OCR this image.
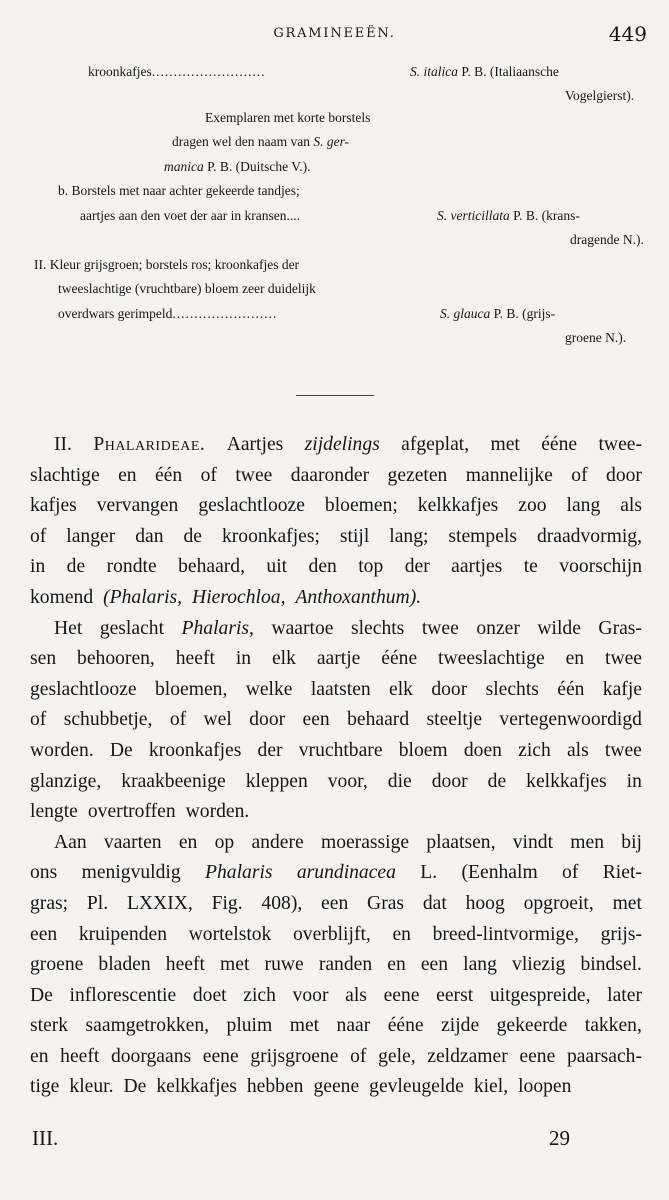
GRAMINEEËN.	449
kroonkafjes..........................	S. italica P. B. (Italiaansche
Vogelgierst).
Exemplaren met korte borstels
dragen wel den naam van S. ger-
manica P. B. (Duitsche V.).
b. Borstels met naar achter gekeerde tandjes;
aartjes aan den voet der aar in kransen....	S. verticillata P. B. (krans-
dragende N.).
II. Kleur grijsgroen; borstels ros; kroonkafjes der
tweeslachtige (vruchtbare) bloem zeer duidelijk
overdwars gerimpeld........................	S. glauca P. B. (grijs-
groene N.).
II. Phalarideae. Aartjes zijdelings afgeplat, met ééne twee-
slachtige en één of twee daaronder gezeten mannelijke of door
kafjes vervangen geslachtlooze bloemen; kelkkafjes zoo lang als
of langer dan de kroonkafjes; stijl lang; stempels draadvormig,
in de rondte behaard, uit den top der aartjes te voorschijn
komend (Phalaris, Hierochloa, Anthoxanthum).
Het geslacht Phalaris, waartoe slechts twee onzer wilde Gras-
sen behooren, heeft in elk aartje ééne tweeslachtige en twee
geslachtlooze bloemen, welke laatsten elk door slechts één kafje
of schubbetje, of wel door een behaard steeltje vertegenwoordigd
worden. De kroonkafjes der vruchtbare bloem doen zich als twee
glanzige, kraakbeenige kleppen voor, die door de kelkkafjes in
lengte overtroffen worden.
Aan vaarten en op andere moerassige plaatsen, vindt men bij
ons menigvuldig Phalaris arundinacea L. (Eenhalm of Riet-
gras; Pl. LXXIX, Fig. 408), een Gras dat hoog opgroeit, met
een kruipenden wortelstok overblijft, en breed-lintvormige, grijs-
groene bladen heeft met ruwe randen en een lang vliezig bindsel.
De inflorescentie doet zich voor als eene eerst uitgespreide, later
sterk saamgetrokken, pluim met naar ééne zijde gekeerde takken,
en heeft doorgaans eene grijsgroene of gele, zeldzamer eene paarsach-
tige kleur. De kelkkafjes hebben geene gevleugelde kiel, loopen
III.	29
